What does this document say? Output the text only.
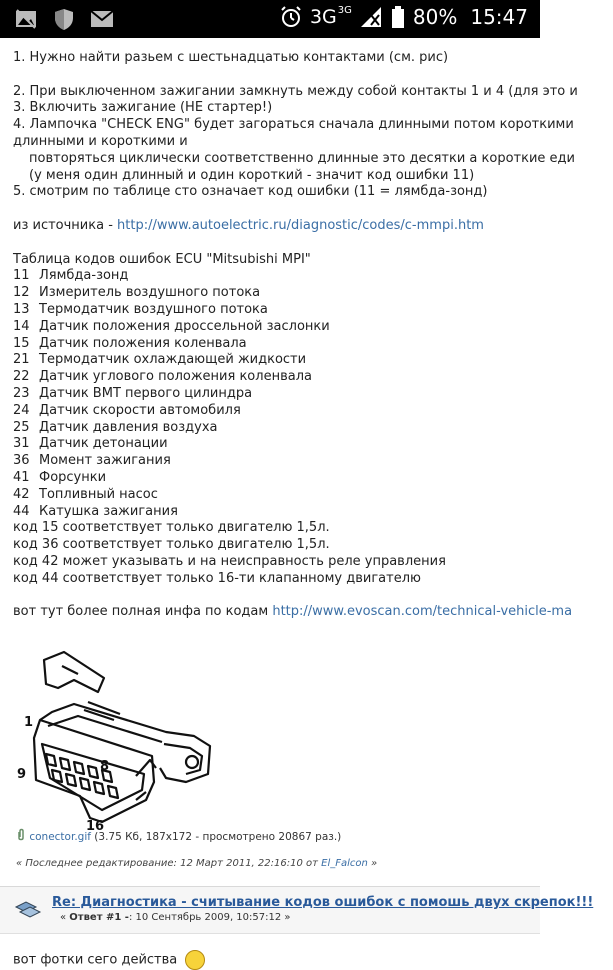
3G 3G	80% 15:47
1. Нужно найти разьем с шестьнадцатью контактами (см. рис)
2. При выключенном зажигании замкнуть между собой контакты 1 и 4 (для это и
3. Включить зажигание (НЕ стартер!)
4. Лампочка "CHECK ENG" будет загораться сначала длинными потом короткими
длинными и короткими и
повторяться циклически соответственно длинные это десятки а короткие еди
(у меня один длинный и один короткий - значит код ошибки 11)
5. смотрим по таблице сто означает код ошибки (11 = лямбда-зонд)
из источника - http://www.autoelectric.ru/diagnostic/codes/c-mmpi.htm
Таблица кодов ошибок ECU "Mitsubishi MPI"
11 Лямбда-зонд
12 Измеритель воздушного потока
13 Термодатчик воздушного потока
14 Датчик положения дроссельной заслонки
15 Датчик положения коленвала
21 Термодатчик охлаждающей жидкости
22 Датчик углового положения коленвала
23 Датчик ВМТ первого цилиндра
24 Датчик скорости автомобиля
25 Датчик давления воздуха
31 Датчик детонации
36 Момент зажигания
41 Форсунки
42 Топливный насос
44 Катушка зажигания
код 15 соответствует только двигателю 1,5л.
код 36 соответствует только двигателю 1,5л.
код 42 может указывать и на неисправность реле управления
код 44 соответствует только 16-ти клапанному двигателю
вот тут более полная инфа по кодам http://www.evoscan.com/technical-vehicle-ma
1
9
8
16
conector.gif (3.75 Кб, 187x172 - просмотрено 20867 раз.)
« Последнее редактирование: 12 Март 2011, 22:16:10 от El_Falcon »
Re: Диагностика - считывание кодов ошибок с помошь двух скрепок!!!
« Ответ #1 -: 10 Сентябрь 2009, 10:57:12 »
вот фотки сего действа
